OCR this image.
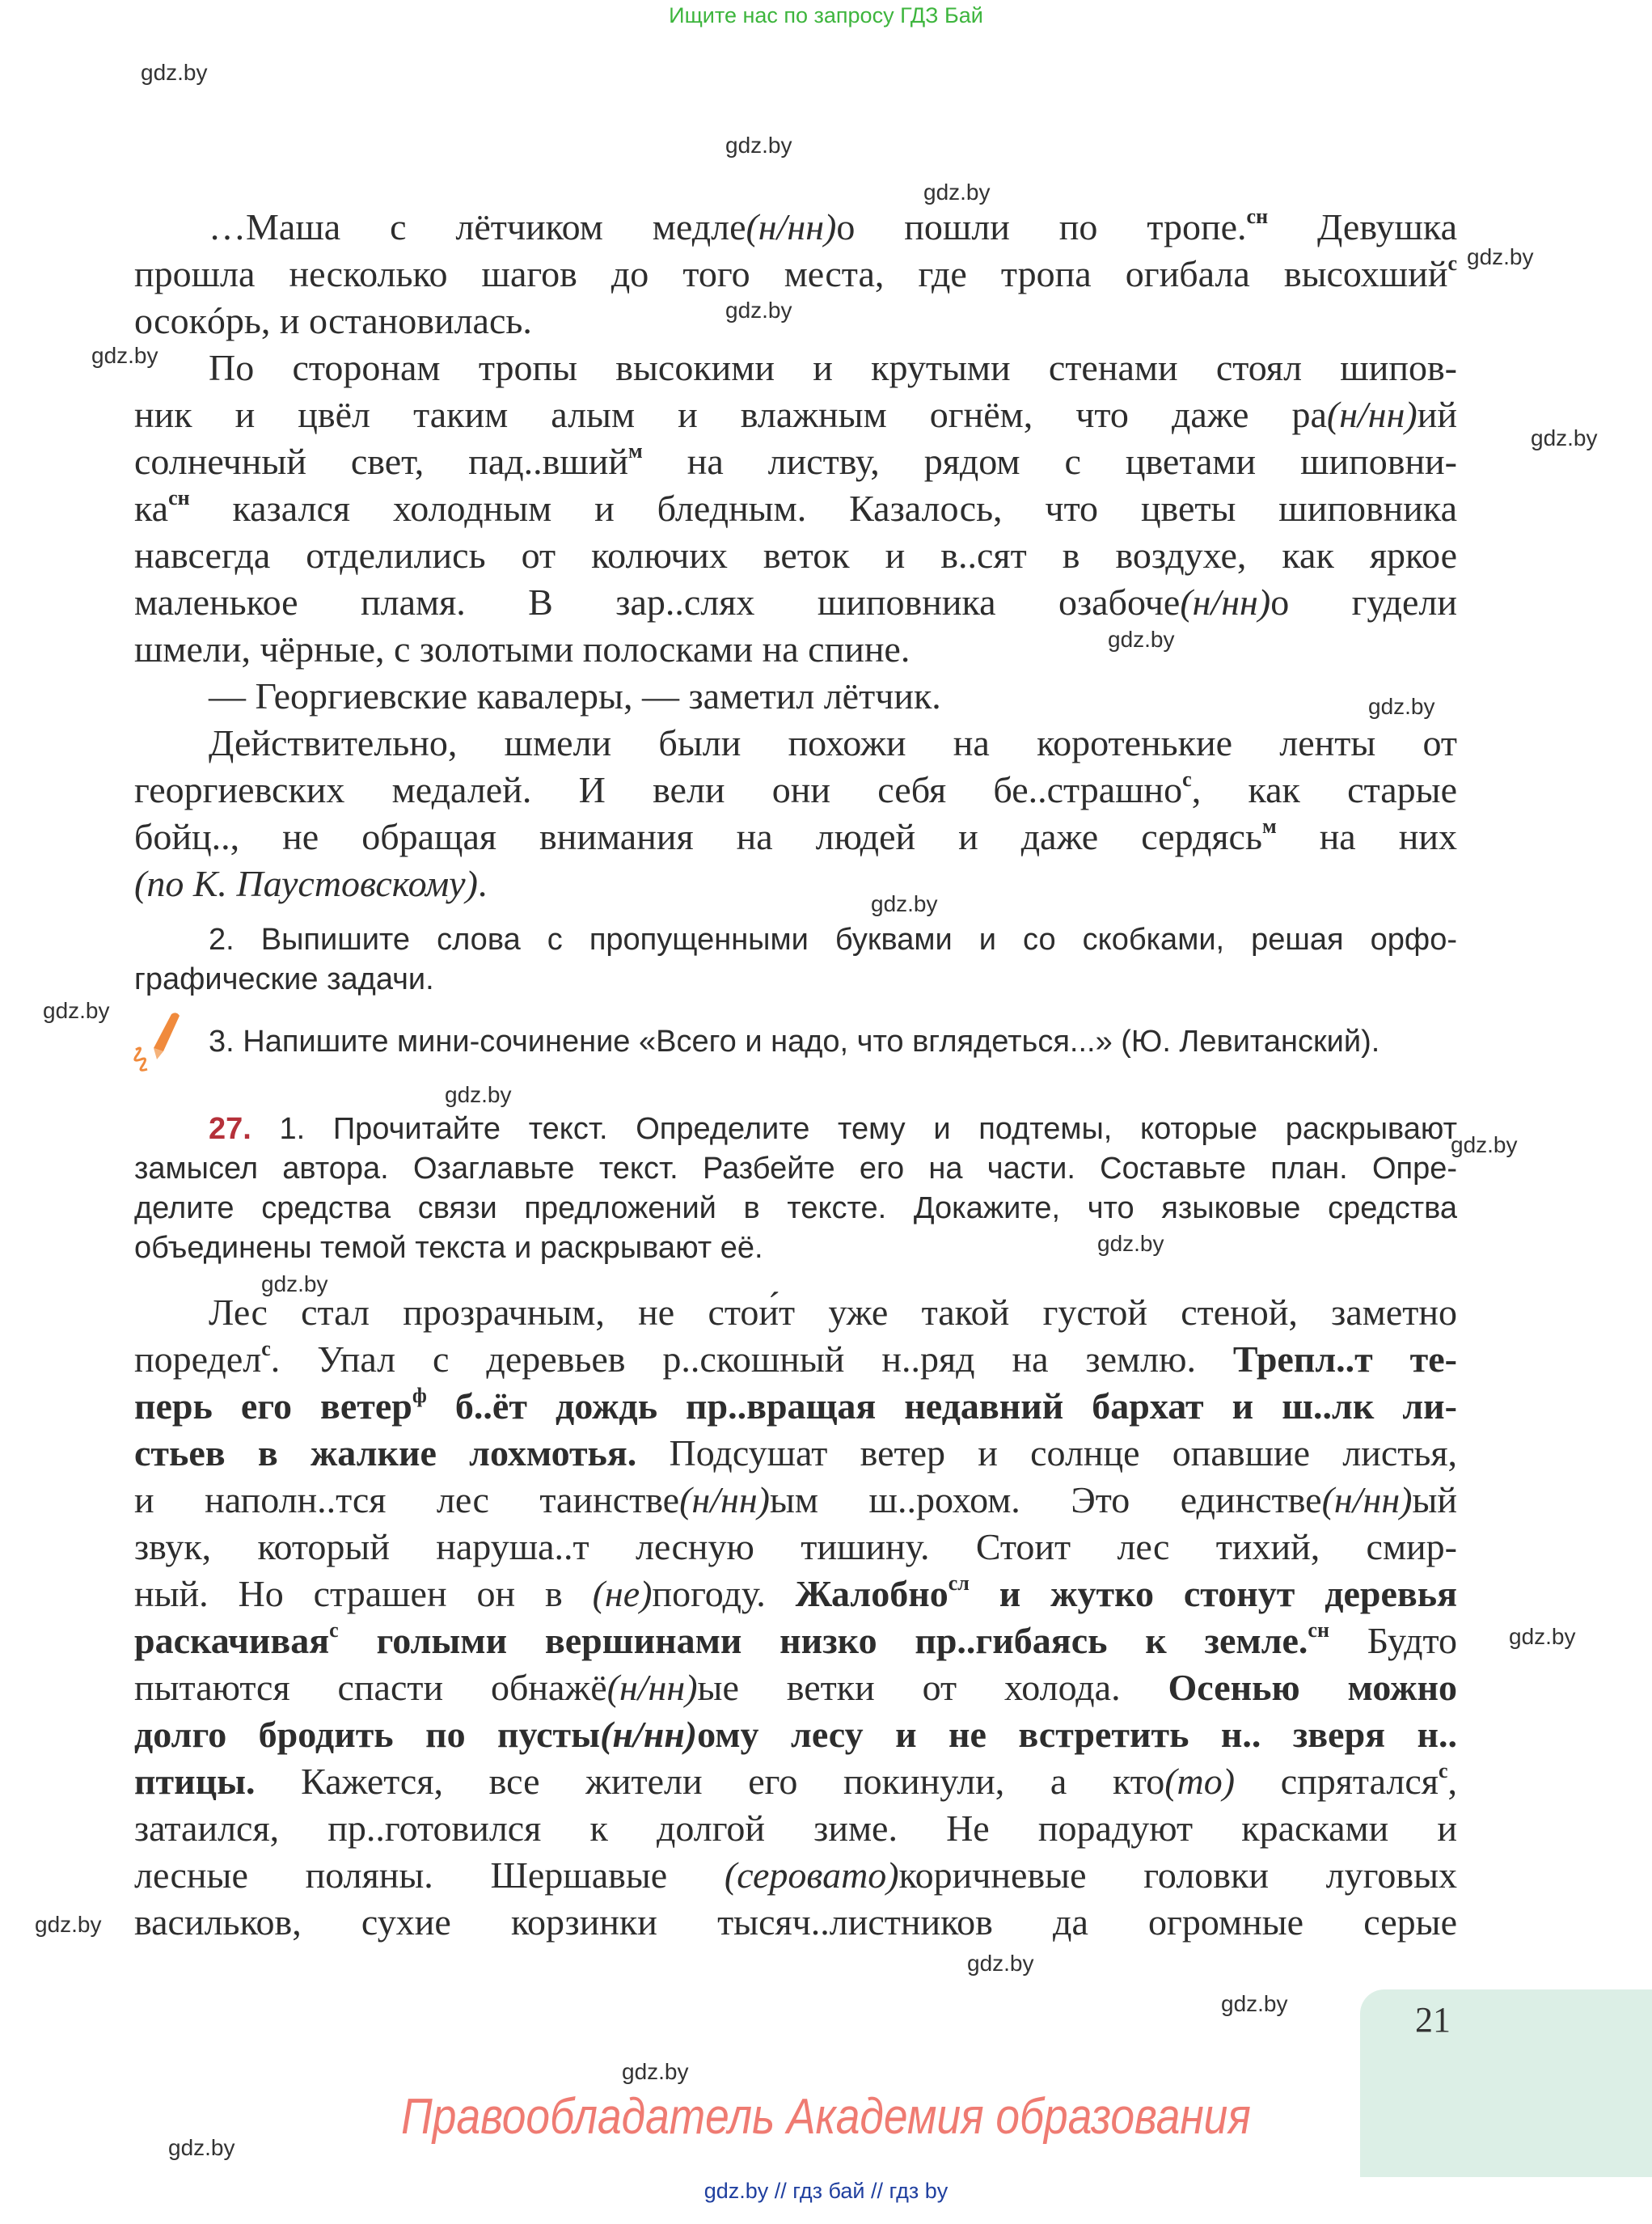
Ищите нас по запросу ГДЗ Бай
gdz.by
gdz.by
gdz.by
gdz.by
gdz.by
gdz.by
gdz.by
gdz.by
gdz.by
gdz.by
gdz.by
gdz.by
gdz.by
gdz.by
gdz.by
gdz.by
gdz.by
gdz.by
gdz.by
gdz.by
gdz.by
…Маша с лётчиком медле(н/нн)о пошли по тропе.$^{сн}$ Девушка
прошла несколько шагов до того места, где тропа огибала высохший$^с$
осокóрь, и остановилась.
По сторонам тропы высокими и крутыми стенами стоял шипов-
ник и цвёл таким алым и влажным огнём, что даже ра(н/нн)ий
солнечный свет, пад..вший$^м$ на листву, рядом с цветами шиповни-
$ка^{сн}$ казался холодным и бледным. Казалось, что цветы шиповника
навсегда отделились от колючих веток и в..сят в воздухе, как яркое
маленькое пламя. В зар..слях шиповника озабоче(н/нн)о гудели
шмели, чёрные, с золотыми полосками на спине.
— Георгиевские кавалеры, — заметил лётчик.
Действительно, шмели были похожи на коротенькие ленты от
георгиевских медалей. И вели они себя бе..страшно$^с$, как старые
бойц.., не обращая внимания на людей и даже сердясь$^м$ на них
(по К. Паустовскому).
2. Выпишите слова с пропущенными буквами и со скобками, решая орфо-
графические задачи.
3. Напишите мини-сочинение «Всего и надо, что вглядеться...» (Ю. Левитанский).
27. 1. Прочитайте текст. Определите тему и подтемы, которые раскрывают
замысел автора. Озаглавьте текст. Разбейте его на части. Составьте план. Опре-
делите средства связи предложений в тексте. Докажите, что языковые средства
объединены темой текста и раскрывают её.
Лес стал прозрачным, не стои́т уже такой густой стеной, заметно
поредел$^с$. Упал с деревьев р..скошный н..ряд на землю. Трепл..т те-
перь его ветер$^ф$ б..ёт дождь пр..вращая недавний бархат и ш..лк ли-
стьев в жалкие лохмотья. Подсушат ветер и солнце опавшие листья,
и наполн..тся лес таинстве(н/нн)ым ш..рохом. Это единстве(н/нн)ый
звук, который наруша..т лесную тишину. Стоит лес тихий, смир-
ный. Но страшен он в (не)погоду. Жалобно$^{сл}$ и жутко стонут деревья
раскачивая$^с$ голыми вершинами низко пр..гибаясь к земле.$^{сн}$ Будто
пытаются спасти обнажё(н/нн)ые ветки от холода. Осенью можно
долго бродить по пусты(н/нн)ому лесу и не встретить н.. зверя н..
птицы. Кажется, все жители его покинули, а кто(то) спрятался$^с$,
затаился, пр..готовился к долгой зиме. Не порадуют красками и
лесные поляны. Шершавые (серовато)коричневые головки луговых
васильков, сухие корзинки тысяч..листников да огромные серые
21
Правообладатель Академия образования
gdz.by // гдз бай // гдз by
